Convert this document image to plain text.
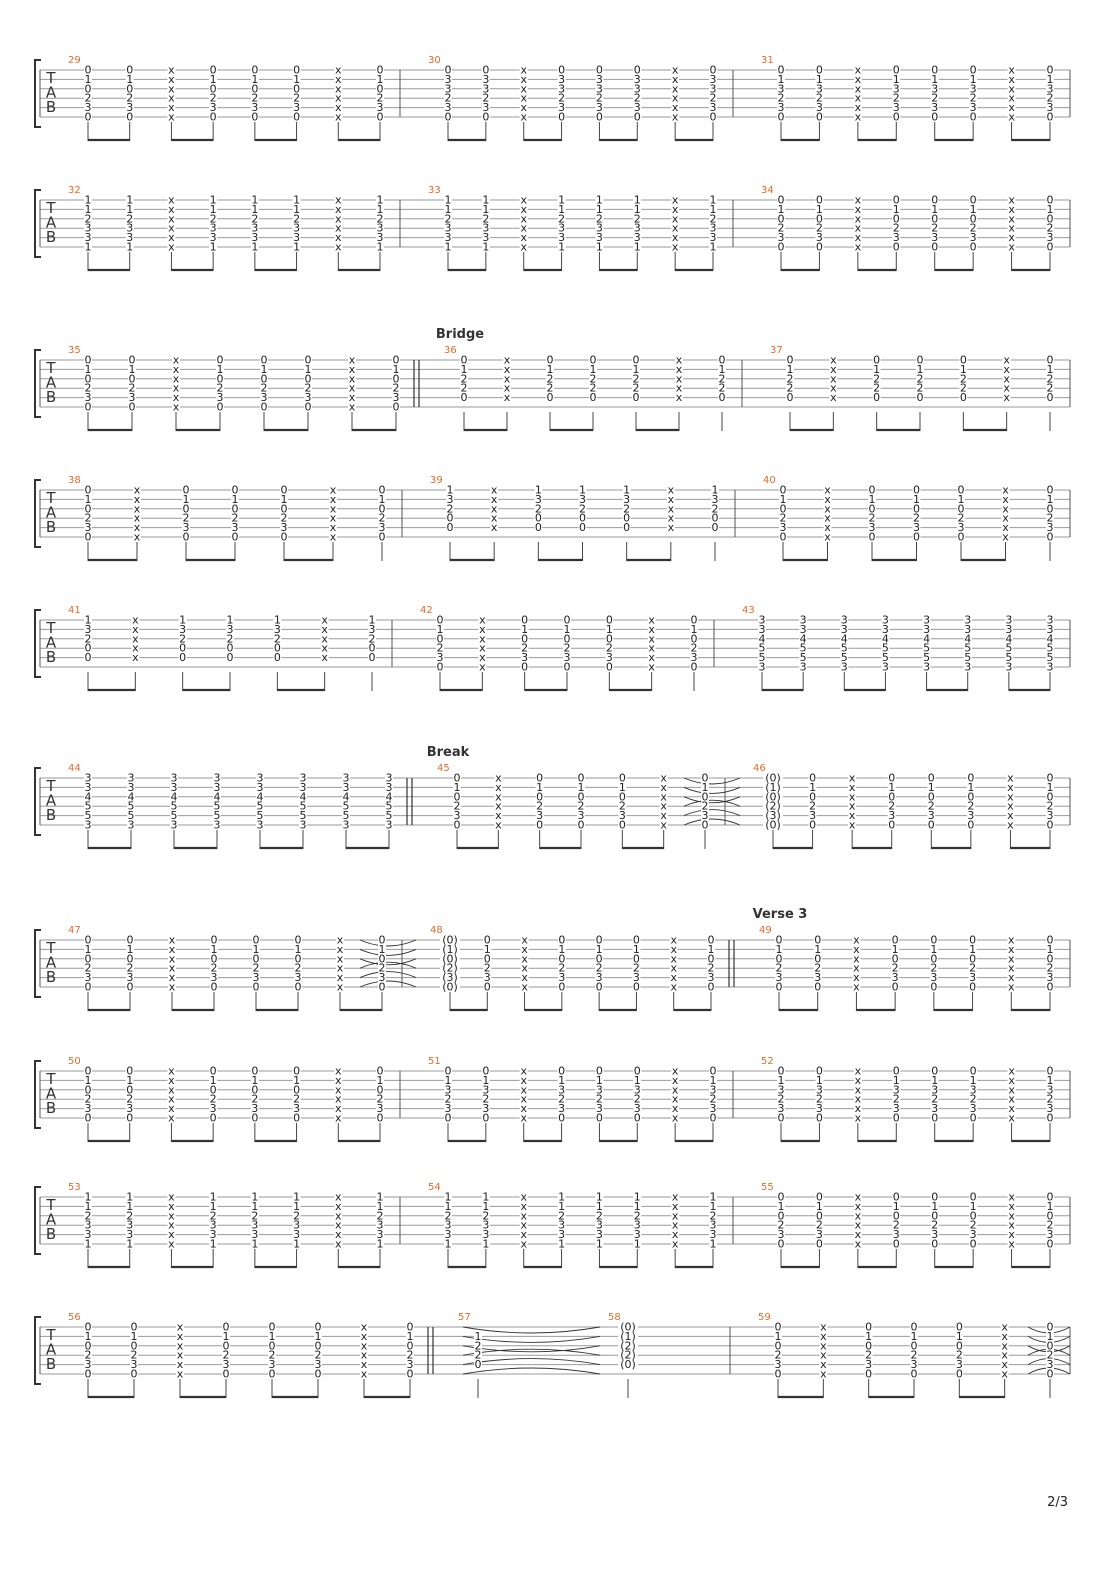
T
A
B
29
0
1
0
2
3
0
0
1
0
2
3
0
x
x
x
x
x
x
0
1
0
2
3
0
0
1
0
2
3
0
0
1
0
2
3
0
x
x
x
x
x
x
0
1
0
2
3
0
30
0
3
3
2
3
0
0
3
3
2
3
0
x
x
x
x
x
x
0
3
3
2
3
0
0
3
3
2
3
0
0
3
3
2
3
0
x
x
x
x
x
x
0
3
3
2
3
0
31
0
1
3
2
3
0
0
1
3
2
3
0
x
x
x
x
x
x
0
1
3
2
3
0
0
1
3
2
3
0
0
1
3
2
3
0
x
x
x
x
x
x
0
1
3
2
3
0
T
A
B
32
1
1
2
3
3
1
1
1
2
3
3
1
x
x
x
x
x
x
1
1
2
3
3
1
1
1
2
3
3
1
1
1
2
3
3
1
x
x
x
x
x
x
1
1
2
3
3
1
33
1
1
2
3
3
1
1
1
2
3
3
1
x
x
x
x
x
x
1
1
2
3
3
1
1
1
2
3
3
1
1
1
2
3
3
1
x
x
x
x
x
x
1
1
2
3
3
1
34
0
1
0
2
3
0
0
1
0
2
3
0
x
x
x
x
x
x
0
1
0
2
3
0
0
1
0
2
3
0
0
1
0
2
3
0
x
x
x
x
x
x
0
1
0
2
3
0
T
A
B
Bridge
35
0
1
0
2
3
0
0
1
0
2
3
0
x
x
x
x
x
x
0
1
0
2
3
0
0
1
0
2
3
0
0
1
0
2
3
0
x
x
x
x
x
x
0
1
0
2
3
0
36
0
1
2
2
0
x
x
x
x
x
0
1
2
2
0
0
1
2
2
0
0
1
2
2
0
x
x
x
x
x
0
1
2
2
0
37
0
1
2
2
0
x
x
x
x
x
0
1
2
2
0
0
1
2
2
0
0
1
2
2
0
x
x
x
x
x
0
1
2
2
0
T
A
B
38
0
1
0
2
3
0
x
x
x
x
x
x
0
1
0
2
3
0
0
1
0
2
3
0
0
1
0
2
3
0
x
x
x
x
x
x
0
1
0
2
3
0
39
1
3
2
0
0
x
x
x
x
x
1
3
2
0
0
1
3
2
0
0
1
3
2
0
0
x
x
x
x
x
1
3
2
0
0
40
0
1
0
2
3
0
x
x
x
x
x
x
0
1
0
2
3
0
0
1
0
2
3
0
0
1
0
2
3
0
x
x
x
x
x
x
0
1
0
2
3
0
T
A
B
41
1
3
2
0
0
x
x
x
x
x
1
3
2
0
0
1
3
2
0
0
1
3
2
0
0
x
x
x
x
x
1
3
2
0
0
42
0
1
0
2
3
0
x
x
x
x
x
x
0
1
0
2
3
0
0
1
0
2
3
0
0
1
0
2
3
0
x
x
x
x
x
x
0
1
0
2
3
0
43
3
3
4
5
5
3
3
3
4
5
5
3
3
3
4
5
5
3
3
3
4
5
5
3
3
3
4
5
5
3
3
3
4
5
5
3
3
3
4
5
5
3
3
3
4
5
5
3
T
A
B
Break
44
3
3
4
5
5
3
3
3
4
5
5
3
3
3
4
5
5
3
3
3
4
5
5
3
3
3
4
5
5
3
3
3
4
5
5
3
3
3
4
5
5
3
3
3
4
5
5
3
45
0
1
0
2
3
0
x
x
x
x
x
x
0
1
0
2
3
0
0
1
0
2
3
0
0
1
0
2
3
0
x
x
x
x
x
x
0
1
0
2
3
0
46
(0)
(1)
(0)
(2)
(3)
(0)
0
1
0
2
3
0
x
x
x
x
x
x
0
1
0
2
3
0
0
1
0
2
3
0
0
1
0
2
3
0
x
x
x
x
x
x
0
1
0
2
3
0
T
A
B
Verse 3
47
0
1
0
2
3
0
0
1
0
2
3
0
x
x
x
x
x
x
0
1
0
2
3
0
0
1
0
2
3
0
0
1
0
2
3
0
x
x
x
x
x
x
0
1
0
2
3
0
48
(0)
(1)
(0)
(2)
(3)
(0)
0
1
0
2
3
0
x
x
x
x
x
x
0
1
0
2
3
0
0
1
0
2
3
0
0
1
0
2
3
0
x
x
x
x
x
x
0
1
0
2
3
0
49
0
1
0
2
3
0
0
1
0
2
3
0
x
x
x
x
x
x
0
1
0
2
3
0
0
1
0
2
3
0
0
1
0
2
3
0
x
x
x
x
x
x
0
1
0
2
3
0
T
A
B
50
0
1
0
2
3
0
0
1
0
2
3
0
x
x
x
x
x
x
0
1
0
2
3
0
0
1
0
2
3
0
0
1
0
2
3
0
x
x
x
x
x
x
0
1
0
2
3
0
51
0
1
3
2
3
0
0
1
3
2
3
0
x
x
x
x
x
x
0
1
3
2
3
0
0
1
3
2
3
0
0
1
3
2
3
0
x
x
x
x
x
x
0
1
3
2
3
0
52
0
1
3
2
3
0
0
1
3
2
3
0
x
x
x
x
x
x
0
1
3
2
3
0
0
1
3
2
3
0
0
1
3
2
3
0
x
x
x
x
x
x
0
1
3
2
3
0
T
A
B
53
1
1
2
3
3
1
1
1
2
3
3
1
x
x
x
x
x
x
1
1
2
3
3
1
1
1
2
3
3
1
1
1
2
3
3
1
x
x
x
x
x
x
1
1
2
3
3
1
54
1
1
2
3
3
1
1
1
2
3
3
1
x
x
x
x
x
x
1
1
2
3
3
1
1
1
2
3
3
1
1
1
2
3
3
1
x
x
x
x
x
x
1
1
2
3
3
1
55
0
1
0
2
3
0
0
1
0
2
3
0
x
x
x
x
x
x
0
1
0
2
3
0
0
1
0
2
3
0
0
1
0
2
3
0
x
x
x
x
x
x
0
1
0
2
3
0
T
A
B
56
0
1
0
2
3
0
0
1
0
2
3
0
x
x
x
x
x
x
0
1
0
2
3
0
0
1
0
2
3
0
0
1
0
2
3
0
x
x
x
x
x
x
0
1
0
2
3
0
57
1
2
2
0
58
(0)
(1)
(2)
(2)
(0)
59
0
1
0
2
3
0
x
x
x
x
x
x
0
1
0
2
3
0
0
1
0
2
3
0
0
1
0
2
3
0
x
x
x
x
x
x
0
1
0
2
3
0
2/3
